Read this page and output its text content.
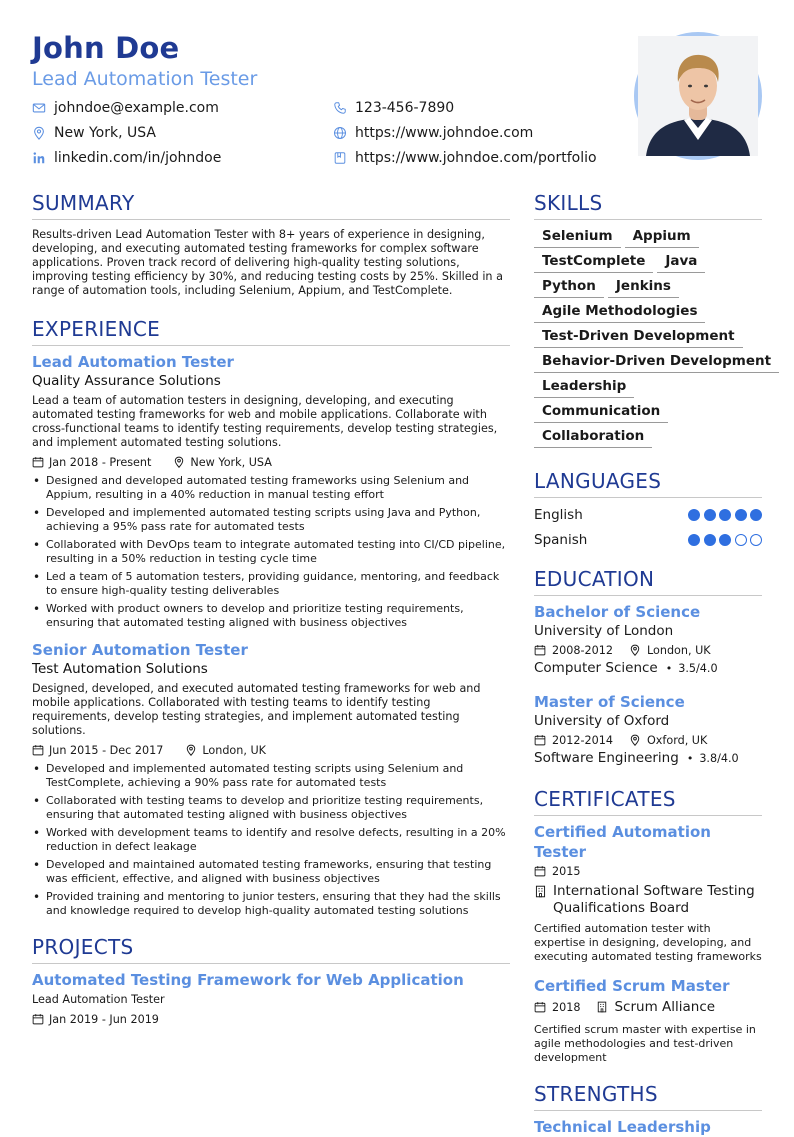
John Doe
Lead Automation Tester
johndoe@example.com	123-456-7890
New York, USA	https://www.johndoe.com
linkedin.com/in/johndoe	https://www.johndoe.com/portfolio
SUMMARY

Results-driven Lead Automation Tester with 8+ years of experience in designing, developing, and executing automated testing frameworks for complex software applications. Proven track record of delivering high-quality testing solutions, improving testing efficiency by 30%, and reducing testing costs by 25%. Skilled in a range of automation tools, including Selenium, Appium, and TestComplete.

EXPERIENCE
Lead Automation Tester
Quality Assurance Solutions

Lead a team of automation testers in designing, developing, and executing automated testing frameworks for web and mobile applications. Collaborate with cross-functional teams to identify testing requirements, develop testing strategies, and implement automated testing solutions.

Jan 2018 - Present	New York, USA
• Designed and developed automated testing frameworks using Selenium and Appium, resulting in a 40% reduction in manual testing effort
• Developed and implemented automated testing scripts using Java and Python, achieving a 95% pass rate for automated tests
• Collaborated with DevOps team to integrate automated testing into CI/CD pipeline, resulting in a 50% reduction in testing cycle time
• Led a team of 5 automation testers, providing guidance, mentoring, and feedback to ensure high-quality testing deliverables
• Worked with product owners to develop and prioritize testing requirements, ensuring that automated testing aligned with business objectives
Senior Automation Tester
Test Automation Solutions

Designed, developed, and executed automated testing frameworks for web and mobile applications. Collaborated with testing teams to identify testing requirements, develop testing strategies, and implement automated testing solutions.

Jun 2015 - Dec 2017	London, UK
• Developed and implemented automated testing scripts using Selenium and TestComplete, achieving a 90% pass rate for automated tests
• Collaborated with testing teams to develop and prioritize testing requirements, ensuring that automated testing aligned with business objectives
• Worked with development teams to identify and resolve defects, resulting in a 20% reduction in defect leakage
• Developed and maintained automated testing frameworks, ensuring that testing was efficient, effective, and aligned with business objectives
• Provided training and mentoring to junior testers, ensuring that they had the skills and knowledge required to develop high-quality automated testing solutions
PROJECTS
Automated Testing Framework for Web Application
Lead Automation Tester
Jan 2019 - Jun 2019
SKILLS
Selenium	Appium
TestComplete	Java
Python	Jenkins
Agile Methodologies
Test-Driven Development
Behavior-Driven Development
Leadership
Communication
Collaboration
LANGUAGES
English
Spanish
EDUCATION
Bachelor of Science
University of London
2008-2012	London, UK
Computer Science • 3.5/4.0
Master of Science
University of Oxford
2012-2014	Oxford, UK
Software Engineering • 3.8/4.0
CERTIFICATES
Certified Automation Tester
2015
International Software Testing Qualifications Board

Certified automation tester with expertise in designing, developing, and executing automated testing frameworks

Certified Scrum Master
2018	Scrum Alliance

Certified scrum master with expertise in agile methodologies and test-driven development

STRENGTHS
Technical Leadership
